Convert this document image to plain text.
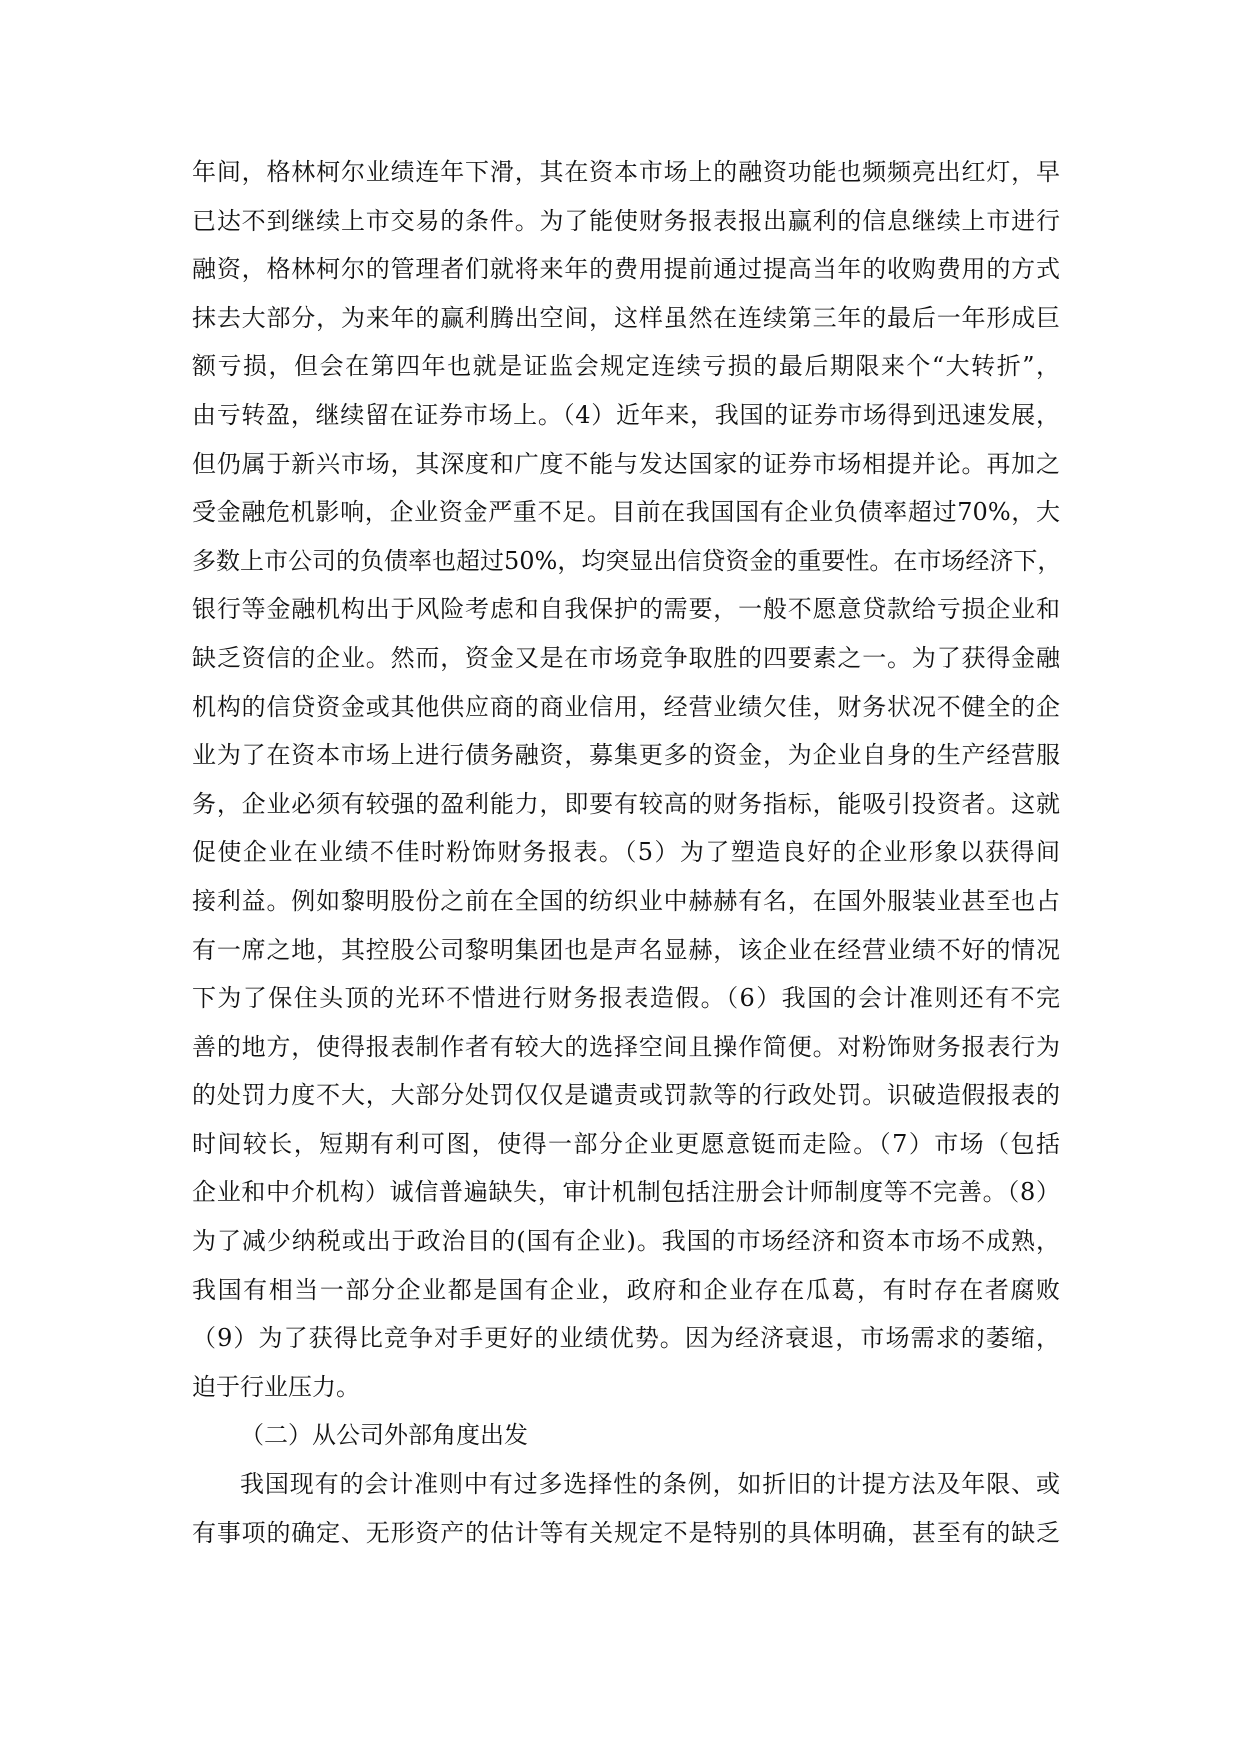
年间，格林柯尔业绩连年下滑，其在资本市场上的融资功能也频频亮出红灯，早
已达不到继续上市交易的条件。为了能使财务报表报出赢利的信息继续上市进行
融资，格林柯尔的管理者们就将来年的费用提前通过提高当年的收购费用的方式
抹去大部分，为来年的赢利腾出空间，这样虽然在连续第三年的最后一年形成巨
额亏损，但会在第四年也就是证监会规定连续亏损的最后期限来个“大转折”，
由亏转盈，继续留在证券市场上。（4）近年来，我国的证券市场得到迅速发展，
但仍属于新兴市场，其深度和广度不能与发达国家的证券市场相提并论。再加之
受金融危机影响，企业资金严重不足。目前在我国国有企业负债率超过70%，大
多数上市公司的负债率也超过50%，均突显出信贷资金的重要性。在市场经济下，
银行等金融机构出于风险考虑和自我保护的需要，一般不愿意贷款给亏损企业和
缺乏资信的企业。然而，资金又是在市场竞争取胜的四要素之一。为了获得金融
机构的信贷资金或其他供应商的商业信用，经营业绩欠佳，财务状况不健全的企
业为了在资本市场上进行债务融资，募集更多的资金，为企业自身的生产经营服
务，企业必须有较强的盈利能力，即要有较高的财务指标，能吸引投资者。这就
促使企业在业绩不佳时粉饰财务报表。（5）为了塑造良好的企业形象以获得间
接利益。例如黎明股份之前在全国的纺织业中赫赫有名，在国外服装业甚至也占
有一席之地，其控股公司黎明集团也是声名显赫，该企业在经营业绩不好的情况
下为了保住头顶的光环不惜进行财务报表造假。（6）我国的会计准则还有不完
善的地方，使得报表制作者有较大的选择空间且操作简便。对粉饰财务报表行为
的处罚力度不大，大部分处罚仅仅是谴责或罚款等的行政处罚。识破造假报表的
时间较长，短期有利可图，使得一部分企业更愿意铤而走险。（7）市场（包括
企业和中介机构）诚信普遍缺失，审计机制包括注册会计师制度等不完善。（8）
为了减少纳税或出于政治目的(国有企业)。我国的市场经济和资本市场不成熟，
我国有相当一部分企业都是国有企业，政府和企业存在瓜葛，有时存在者腐败
（9）为了获得比竞争对手更好的业绩优势。因为经济衰退，市场需求的萎缩，
迫于行业压力。
（二）从公司外部角度出发
我国现有的会计准则中有过多选择性的条例，如折旧的计提方法及年限、或
有事项的确定、无形资产的估计等有关规定不是特别的具体明确，甚至有的缺乏
